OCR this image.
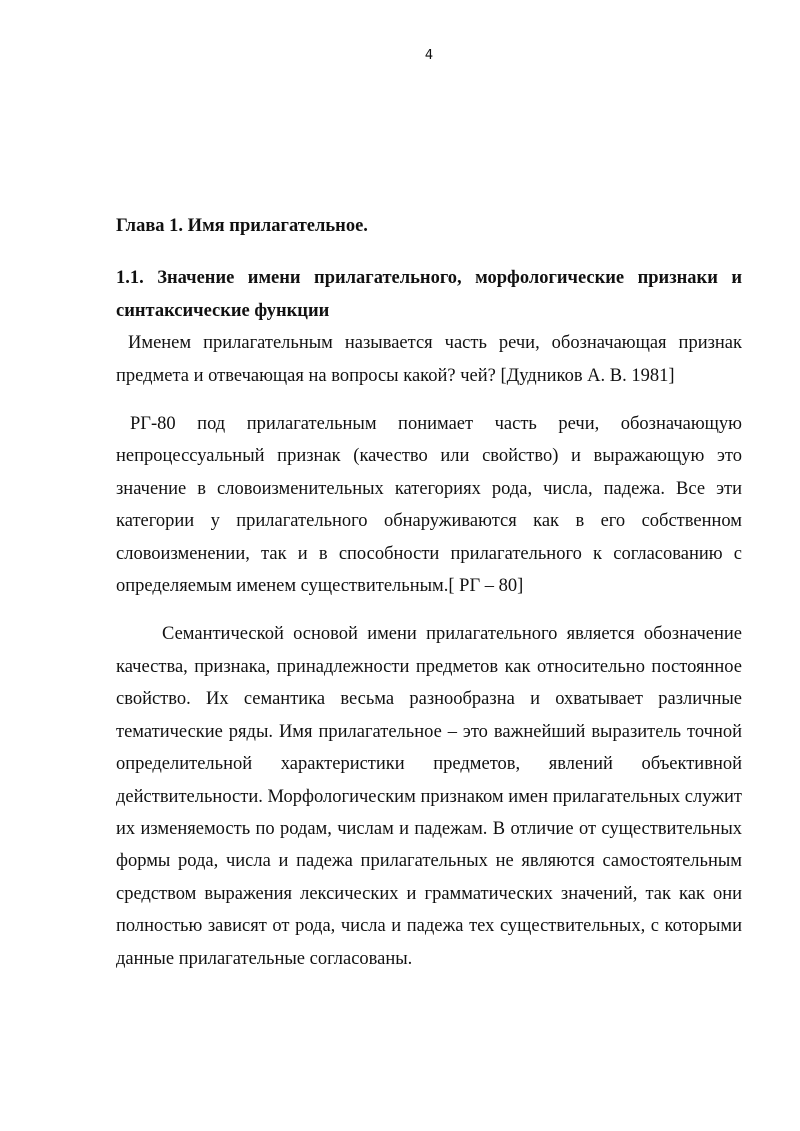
4

Глава 1. Имя прилагательное.

1.1. Значение имени прилагательного, морфологические признаки и синтаксические функции

Именем прилагательным называется часть речи, обозначающая признак предмета и отвечающая на вопросы какой? чей? [Дудников А. В. 1981]

РГ-80 под прилагательным понимает часть речи, обозначающую непроцессуальный признак (качество или свойство) и выражающую это значение в словоизменительных категориях рода, числа, падежа. Все эти категории у прилагательного обнаруживаются как в его собственном словоизменении, так и в способности прилагательного к согласованию с определяемым именем существительным.[ РГ – 80]

Семантической основой имени прилагательного является обозначение качества, признака, принадлежности предметов как относительно постоянное свойство. Их семантика весьма разнообразна и охватывает различные тематические ряды. Имя прилагательное – это важнейший выразитель точной определительной характеристики предметов, явлений объективной действительности. Морфологическим признаком имен прилагательных служит их изменяемость по родам, числам и падежам. В отличие от существительных формы рода, числа и падежа прилагательных не являются самостоятельным средством выражения лексических и грамматических значений, так как они полностью зависят от рода, числа и падежа тех существительных, с которыми данные прилагательные согласованы.
